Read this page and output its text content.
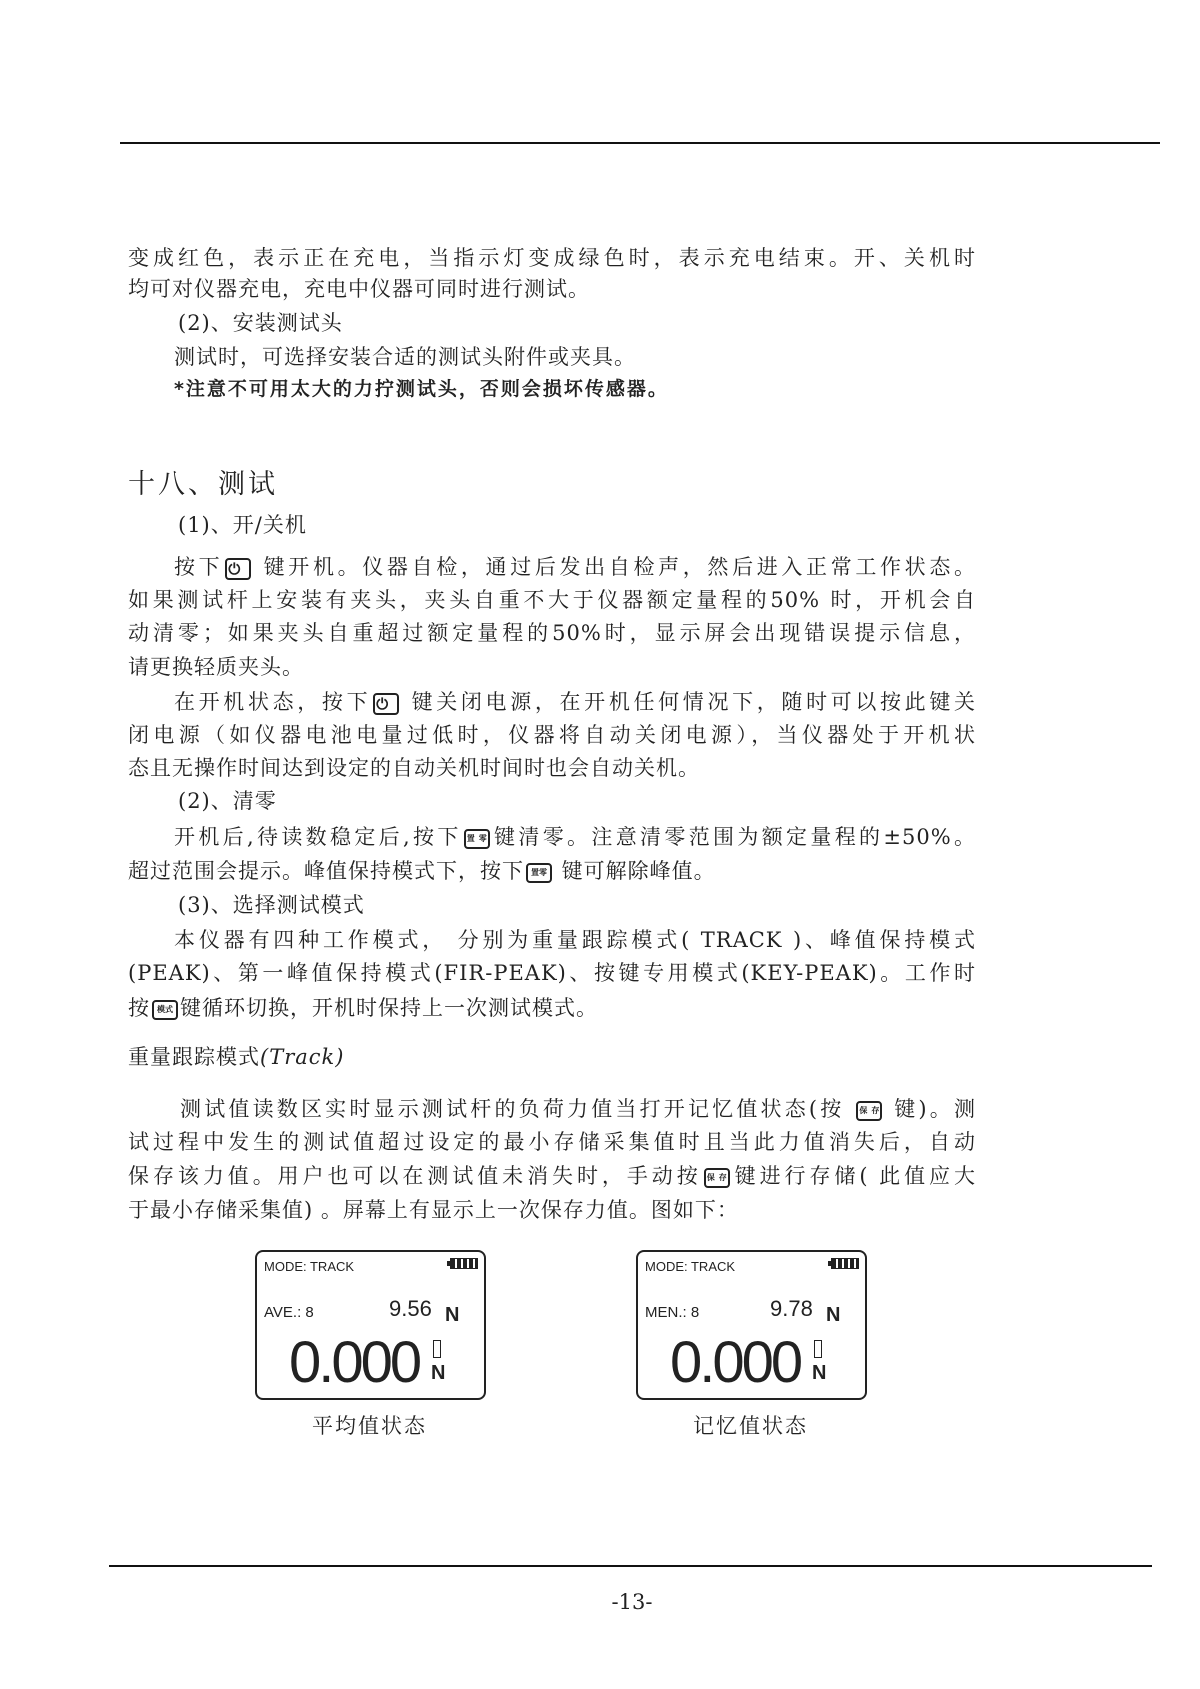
变成红色，表示正在充电，当指示灯变成绿色时，表示充电结束。开、关机时
均可对仪器充电，充电中仪器可同时进行测试。
(2)、安装测试头
测试时，可选择安装合适的测试头附件或夹具。
*注意不可用太大的力拧测试头，否则会损坏传感器。
(1)、开/关机
按下 ⏻ 键开机。仪器自检，通过后发出自检声，然后进入正常工作状态。
如果测试杆上安装有夹头，夹头自重不大于仪器额定量程的50% 时，开机会自
动清零；如果夹头自重超过额定量程的50%时，显示屏会出现错误提示信息，
请更换轻质夹头。
在开机状态，按下 ⏻ 键关闭电源，在开机任何情况下，随时可以按此键关
闭电源（如仪器电池电量过低时，仪器将自动关闭电源），当仪器处于开机状
态且无操作时间达到设定的自动关机时间时也会自动关机。
(2)、清零
开机后,待读数稳定后,按下 置零 键清零。注意清零范围为额定量程的±50%。
超过范围会提示。峰值保持模式下，按下 置零 键可解除峰值。
(3)、选择测试模式
本仪器有四种工作模式， 分别为重量跟踪模式( TRACK )、峰值保持模式
(PEAK)、第一峰值保持模式(FIR-PEAK)、按键专用模式(KEY-PEAK)。工作时
按 模式 键循环切换，开机时保持上一次测试模式。
重量跟踪模式(Track)
测试值读数区实时显示测试杆的负荷力值当打开记忆值状态(按 保存 键)。测
试过程中发生的测试值超过设定的最小存储采集值时且当此力值消失后，自动
保存该力值。用户也可以在测试值未消失时，手动按 保存 键进行存储( 此值应大
于最小存储采集值) 。屏幕上有显示上一次保存力值。图如下：
十八、测试
MODE: TRACK
AVE.: 8	9.56 N
0.000 N
平均值状态
MODE: TRACK
MEN.: 8	9.78 N
0.000 N
记忆值状态
-13-
